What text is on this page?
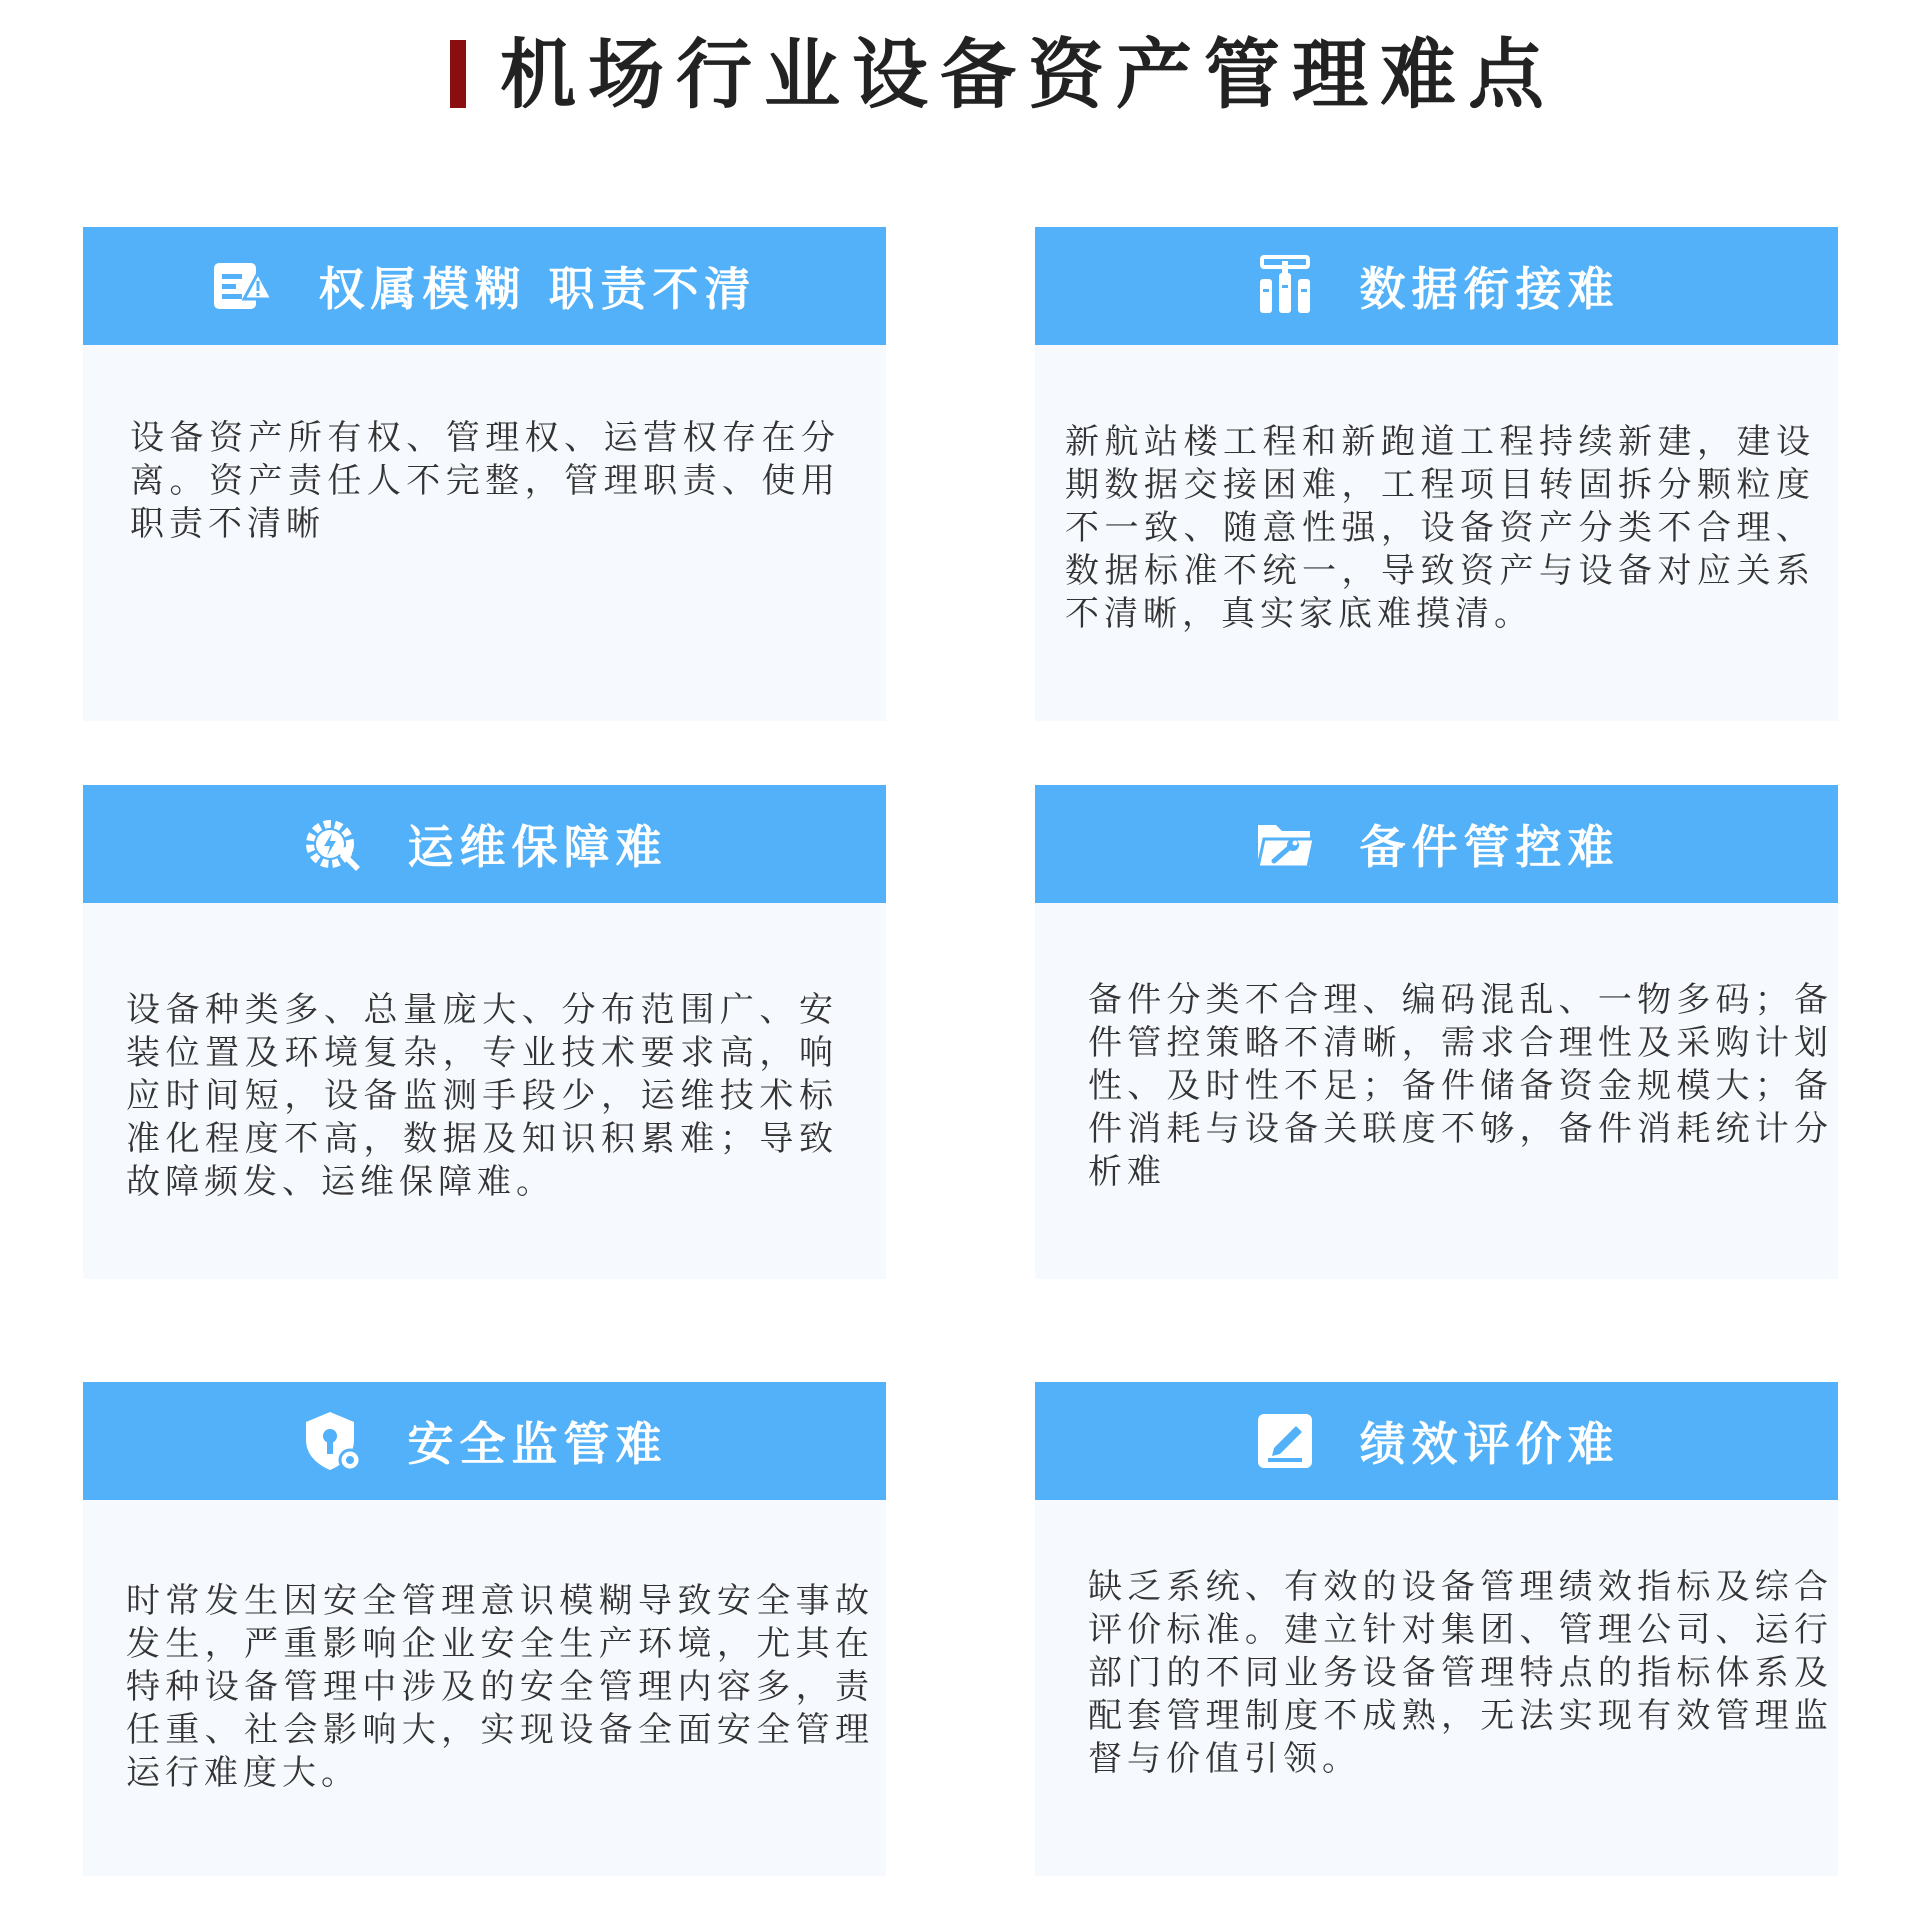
机场行业设备资产管理难点
权属模糊 职责不清
设备资产所有权、管理权、运营权存在分离。资产责任人不完整，管理职责、使用职责不清晰
数据衔接难
新航站楼工程和新跑道工程持续新建，建设期数据交接困难，工程项目转固拆分颗粒度不一致、随意性强，设备资产分类不合理、数据标准不统一，导致资产与设备对应关系不清晰，真实家底难摸清。
运维保障难
设备种类多、总量庞大、分布范围广、安装位置及环境复杂，专业技术要求高，响应时间短，设备监测手段少，运维技术标准化程度不高，数据及知识积累难；导致故障频发、运维保障难。
备件管控难
备件分类不合理、编码混乱、一物多码；备件管控策略不清晰，需求合理性及采购计划性、及时性不足；备件储备资金规模大；备件消耗与设备关联度不够，备件消耗统计分析难
安全监管难
时常发生因安全管理意识模糊导致安全事故发生，严重影响企业安全生产环境，尤其在特种设备管理中涉及的安全管理内容多，责任重、社会影响大，实现设备全面安全管理运行难度大。
绩效评价难
缺乏系统、有效的设备管理绩效指标及综合评价标准。建立针对集团、管理公司、运行部门的不同业务设备管理特点的指标体系及配套管理制度不成熟，无法实现有效管理监督与价值引领。
